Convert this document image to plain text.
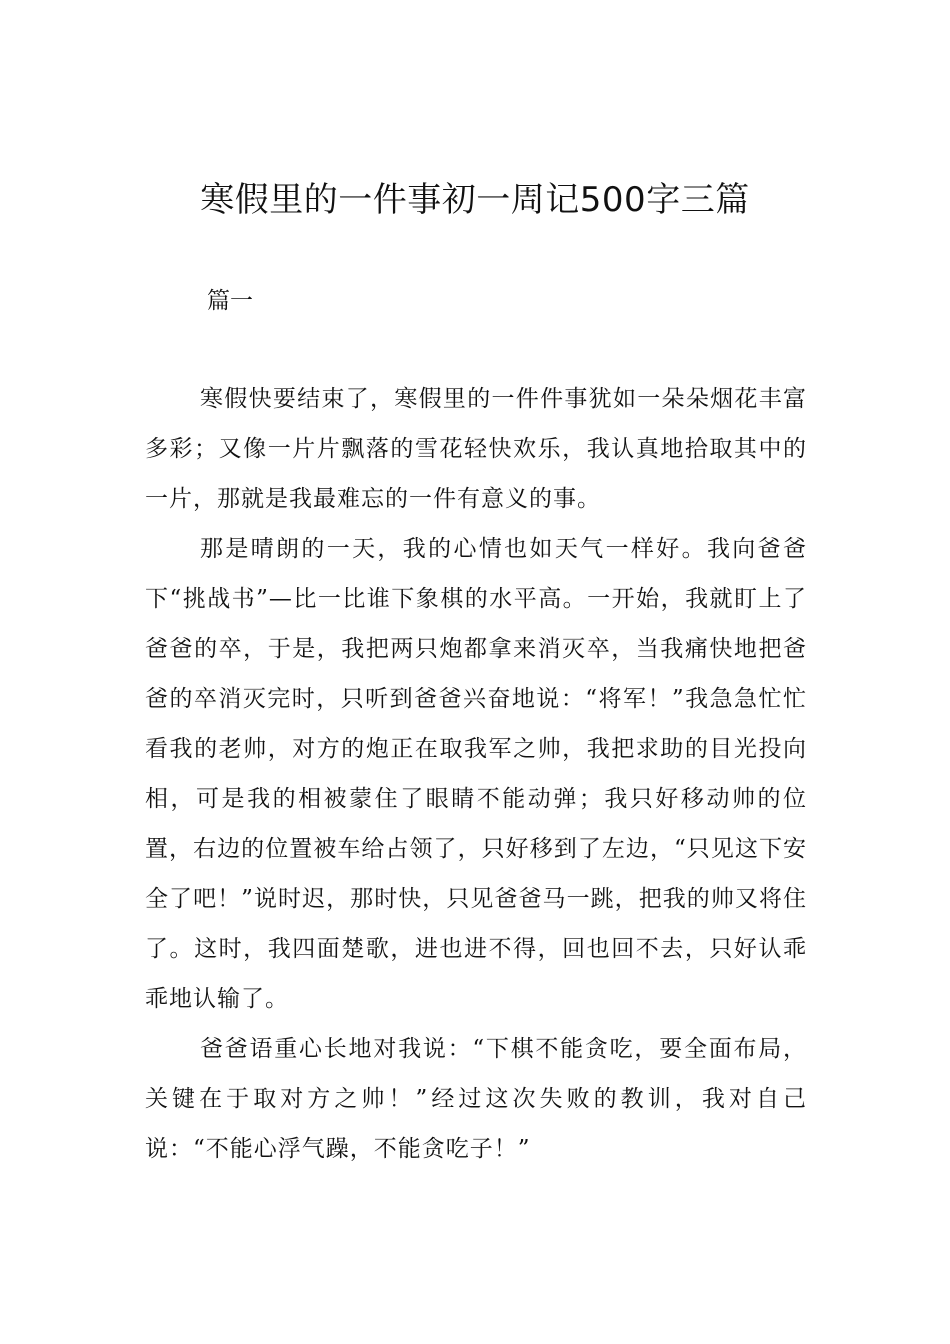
寒假里的一件事初一周记500字三篇

篇一

寒假快要结束了，寒假里的一件件事犹如一朵朵烟花丰富多彩；又像一片片飘落的雪花轻快欢乐，我认真地拾取其中的一片，那就是我最难忘的一件有意义的事。

那是晴朗的一天，我的心情也如天气一样好。我向爸爸下“挑战书”—比一比谁下象棋的水平高。一开始，我就盯上了爸爸的卒，于是，我把两只炮都拿来消灭卒，当我痛快地把爸爸的卒消灭完时，只听到爸爸兴奋地说：“将军！”我急急忙忙看我的老帅，对方的炮正在取我军之帅，我把求助的目光投向相，可是我的相被蒙住了眼睛不能动弹；我只好移动帅的位置，右边的位置被车给占领了，只好移到了左边，“只见这下安全了吧！”说时迟，那时快，只见爸爸马一跳，把我的帅又将住了。这时，我四面楚歌，进也进不得，回也回不去，只好认乖乖地认输了。

爸爸语重心长地对我说：“下棋不能贪吃，要全面布局，关键在于取对方之帅！”经过这次失败的教训，我对自己说：“不能心浮气躁，不能贪吃子！”
